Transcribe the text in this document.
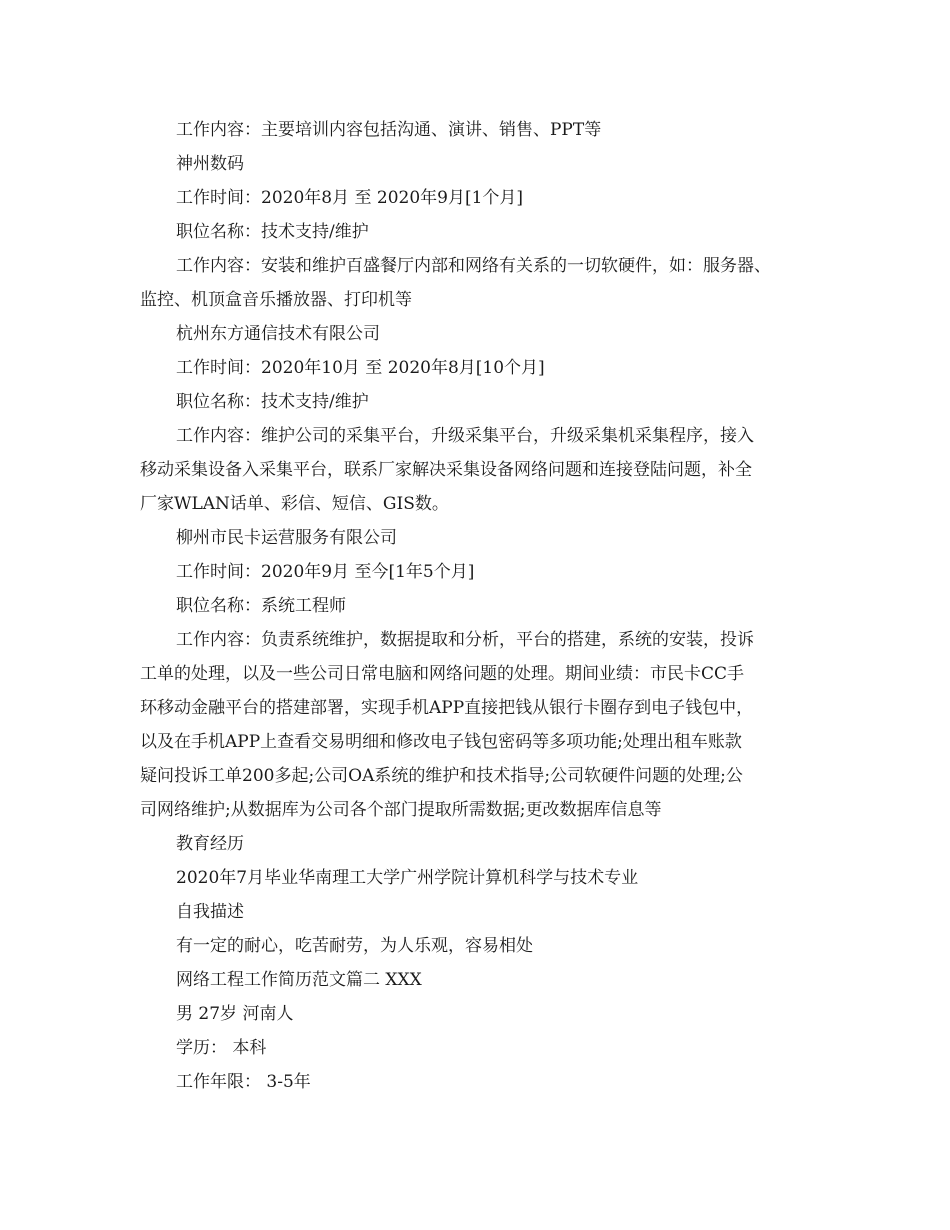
工作内容：主要培训内容包括沟通、演讲、销售、PPT等
神州数码
工作时间：2020年8月 至 2020年9月[1个月]
职位名称：技术支持/维护
工作内容：安装和维护百盛餐厅内部和网络有关系的一切软硬件，如：服务器、
监控、机顶盒音乐播放器、打印机等
杭州东方通信技术有限公司
工作时间：2020年10月 至 2020年8月[10个月]
职位名称：技术支持/维护
工作内容：维护公司的采集平台，升级采集平台，升级采集机采集程序，接入
移动采集设备入采集平台，联系厂家解决采集设备网络问题和连接登陆问题，补全
厂家WLAN话单、彩信、短信、GIS数。
柳州市民卡运营服务有限公司
工作时间：2020年9月 至今[1年5个月]
职位名称：系统工程师
工作内容：负责系统维护，数据提取和分析，平台的搭建，系统的安装，投诉
工单的处理，以及一些公司日常电脑和网络问题的处理。期间业绩：市民卡CC手
环移动金融平台的搭建部署，实现手机APP直接把钱从银行卡圈存到电子钱包中，
以及在手机APP上查看交易明细和修改电子钱包密码等多项功能;处理出租车账款
疑问投诉工单200多起;公司OA系统的维护和技术指导;公司软硬件问题的处理;公
司网络维护;从数据库为公司各个部门提取所需数据;更改数据库信息等
教育经历
2020年7月毕业华南理工大学广州学院计算机科学与技术专业
自我描述
有一定的耐心，吃苦耐劳，为人乐观，容易相处
网络工程工作简历范文篇二 XXX
男 27岁 河南人
学历： 本科
工作年限： 3-5年
